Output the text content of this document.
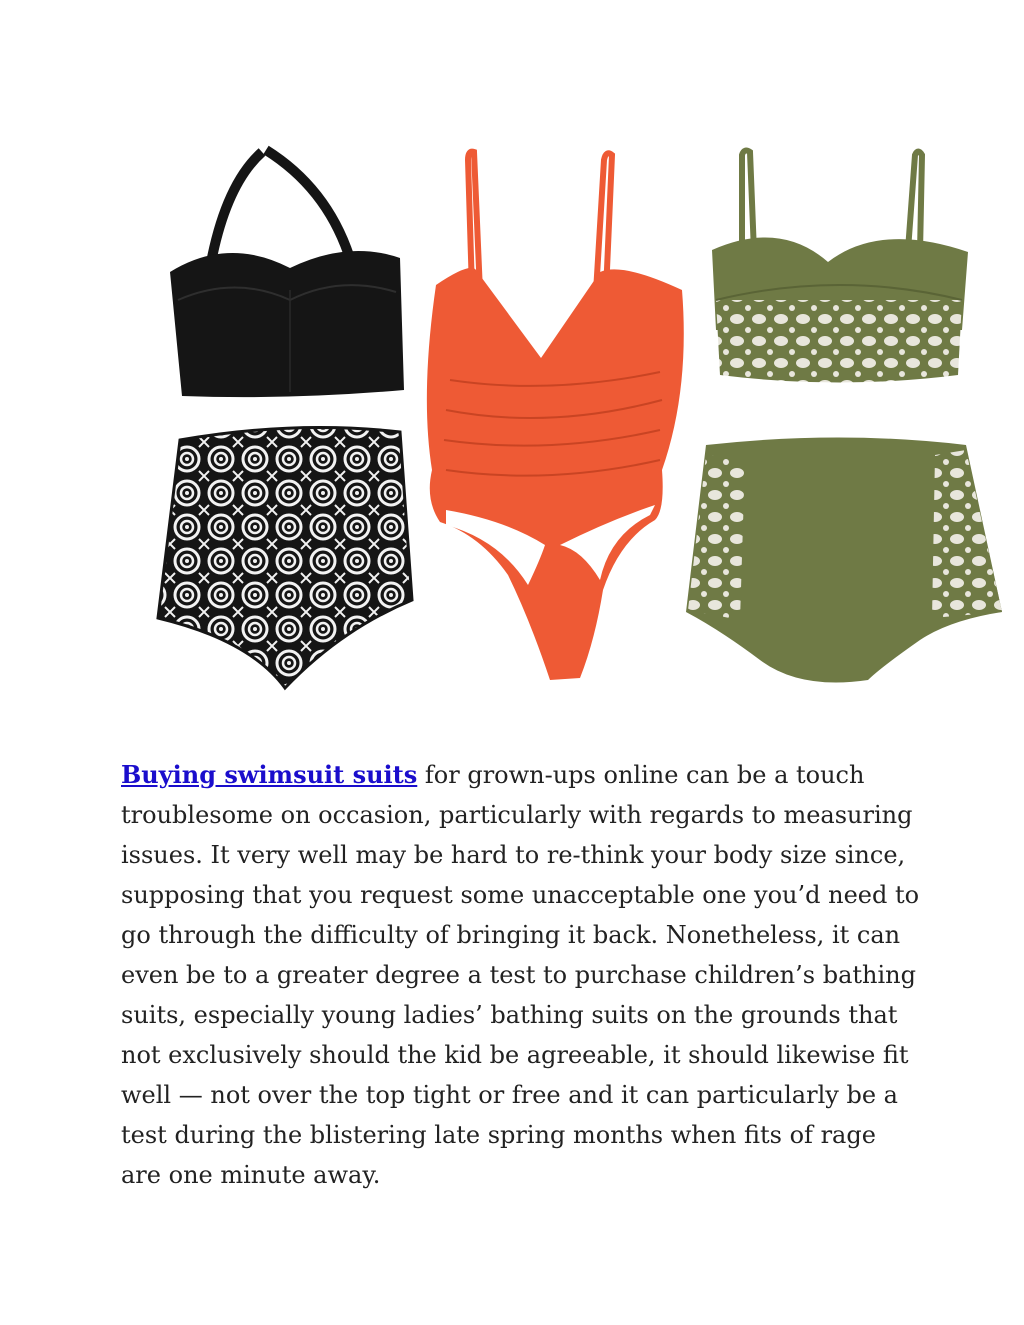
Buying swimsuit suits for grown-ups online can be a touch troublesome on occasion, particularly with regards to measuring issues. It very well may be hard to re-think your body size since, supposing that you request some unacceptable one you’d need to go through the difficulty of bringing it back. Nonetheless, it can even be to a greater degree a test to purchase children’s bathing suits, especially young ladies’ bathing suits on the grounds that not exclusively should the kid be agreeable, it should likewise fit well — not over the top tight or free and it can particularly be a test during the blistering late spring months when fits of rage are one minute away.
